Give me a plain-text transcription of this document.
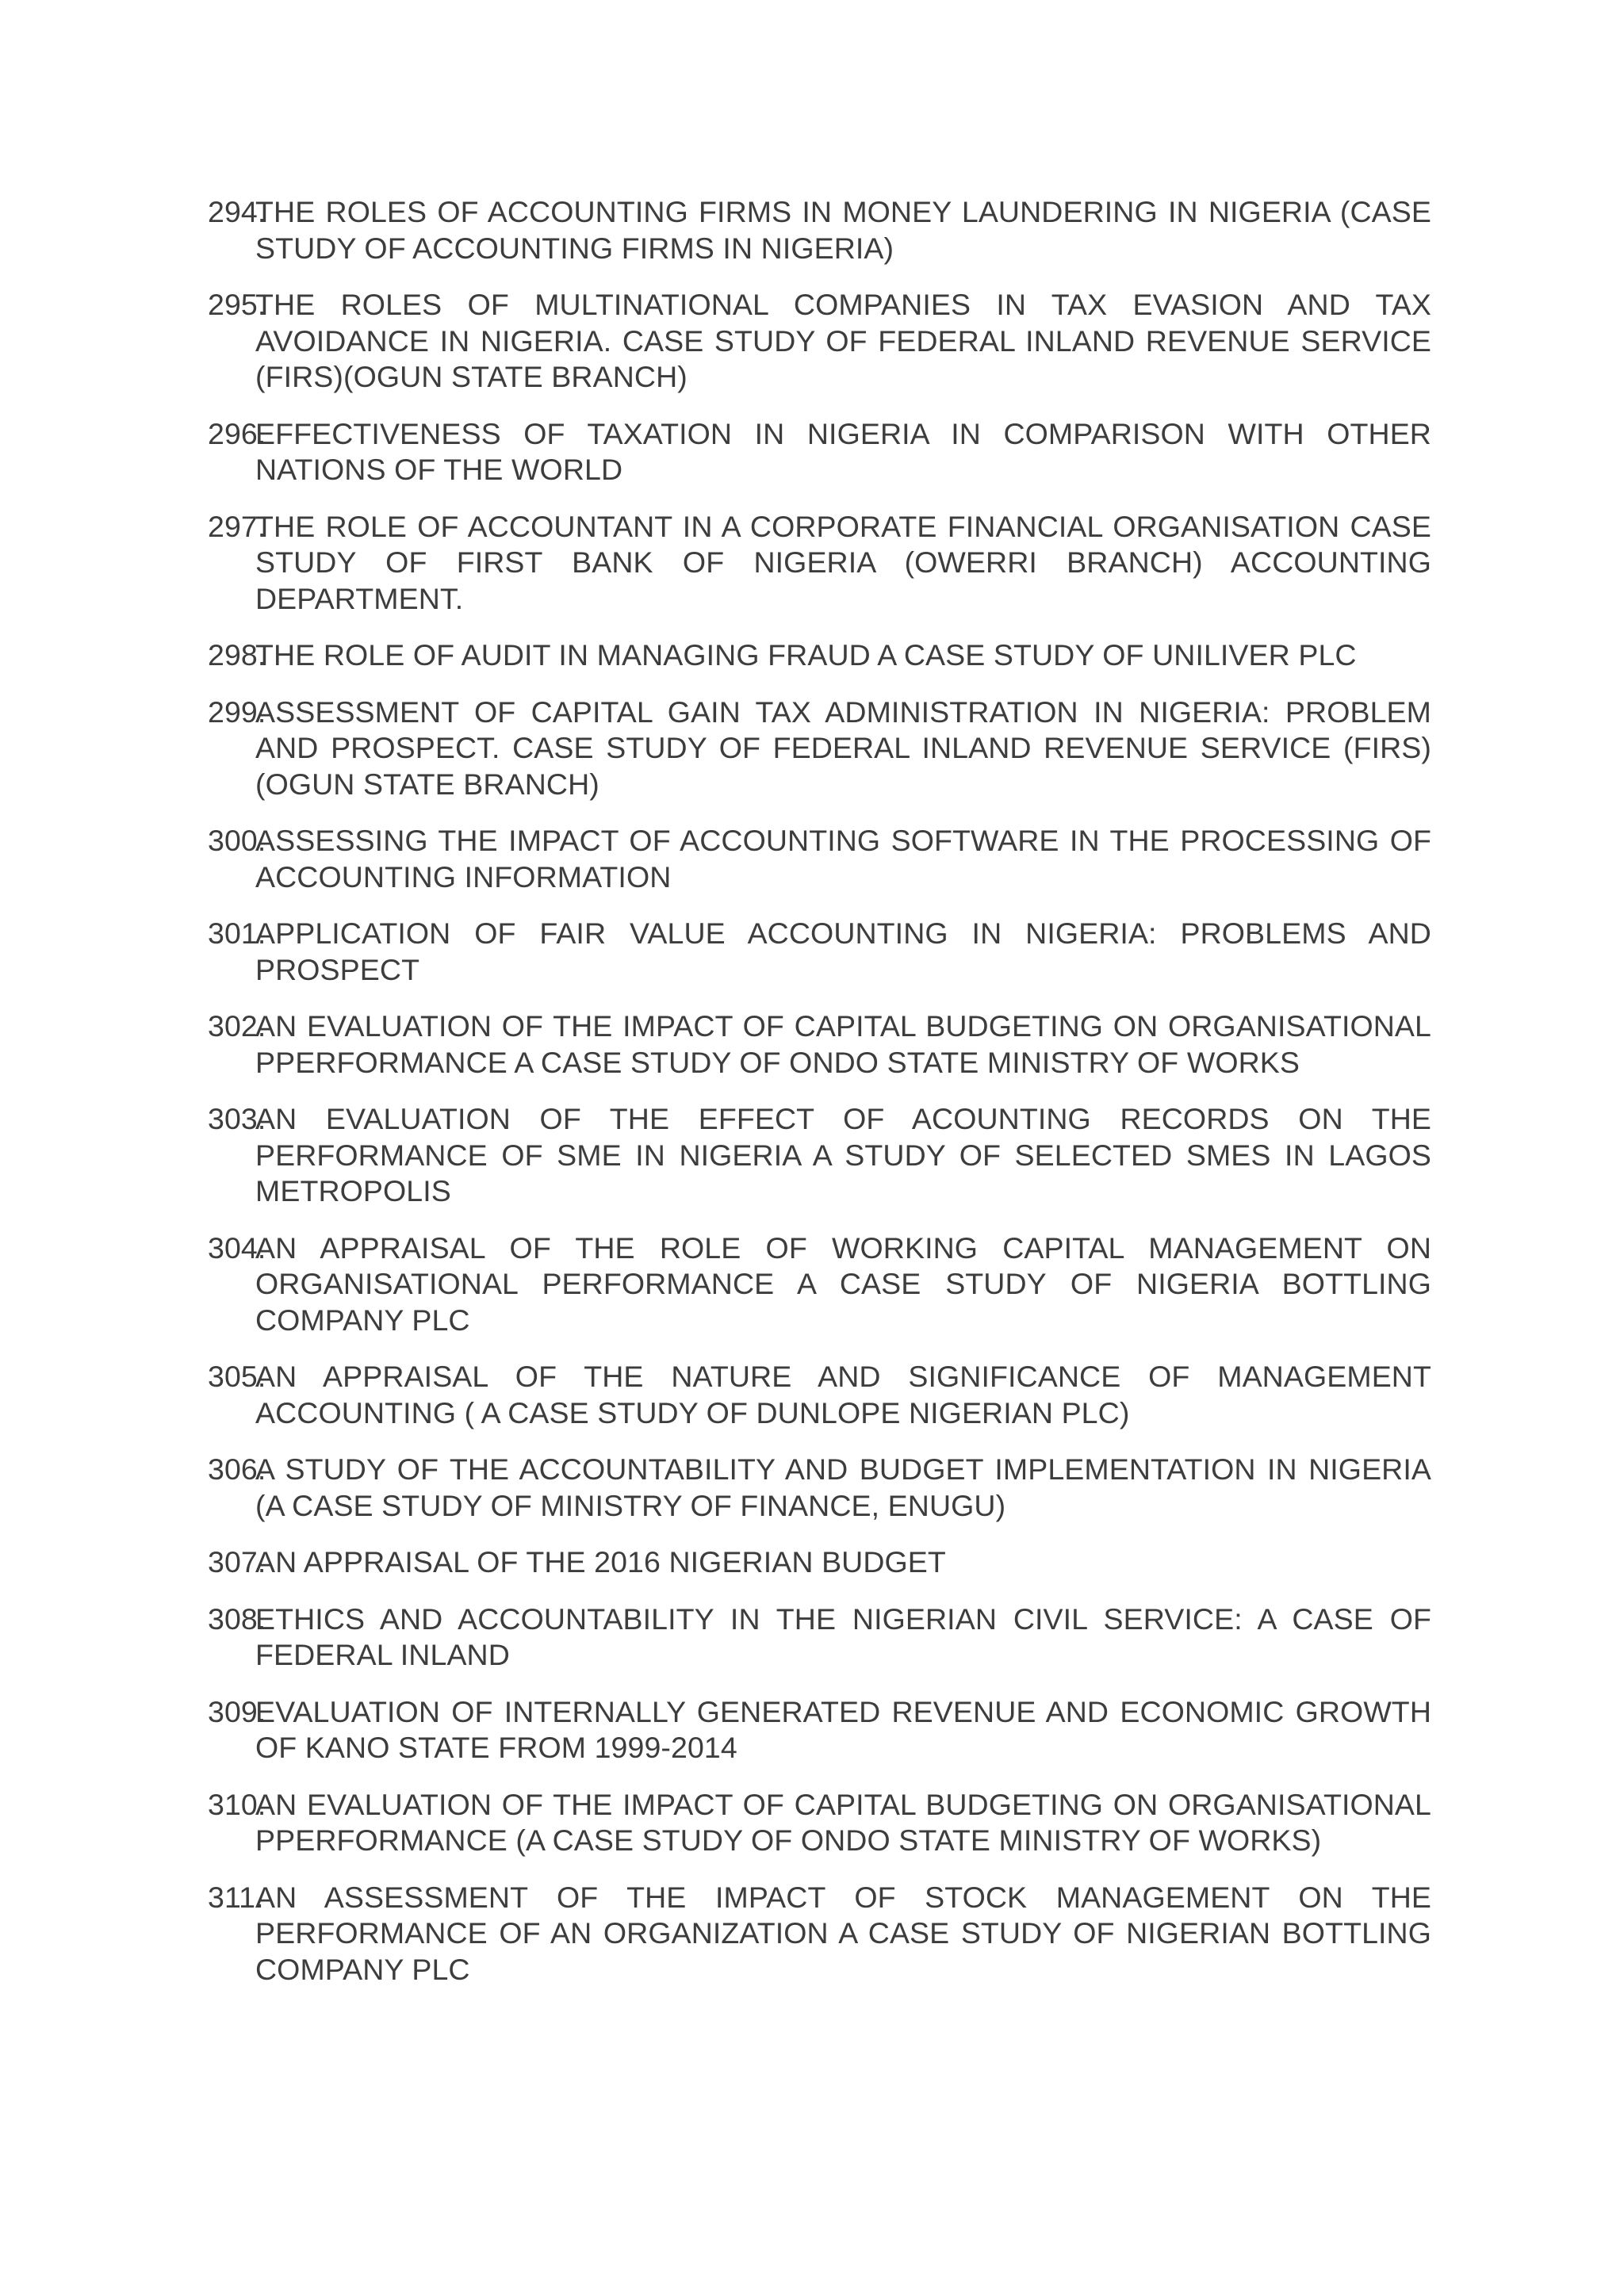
294.
THE ROLES OF ACCOUNTING FIRMS IN MONEY LAUNDERING IN NIGERIA (CASE STUDY OF ACCOUNTING FIRMS IN NIGERIA)
295.
THE ROLES OF MULTINATIONAL COMPANIES IN TAX EVASION AND TAX AVOIDANCE IN NIGERIA. CASE STUDY OF FEDERAL INLAND REVENUE SERVICE (FIRS)(OGUN STATE BRANCH)
296.
EFFECTIVENESS OF TAXATION IN NIGERIA IN COMPARISON WITH OTHER NATIONS OF THE WORLD
297.
THE ROLE OF ACCOUNTANT IN A CORPORATE FINANCIAL ORGANISATION CASE STUDY OF FIRST BANK OF NIGERIA (OWERRI BRANCH) ACCOUNTING DEPARTMENT.
298.
THE ROLE OF AUDIT IN MANAGING FRAUD A CASE STUDY OF UNILIVER PLC
299.
ASSESSMENT OF CAPITAL GAIN TAX ADMINISTRATION IN NIGERIA: PROBLEM AND PROSPECT. CASE STUDY OF FEDERAL INLAND REVENUE SERVICE (FIRS)(OGUN STATE BRANCH)
300.
ASSESSING THE IMPACT OF ACCOUNTING SOFTWARE IN THE PROCESSING OF ACCOUNTING INFORMATION
301.
APPLICATION OF FAIR VALUE ACCOUNTING IN NIGERIA: PROBLEMS AND PROSPECT
302.
AN EVALUATION OF THE IMPACT OF CAPITAL BUDGETING ON ORGANISATIONAL PPERFORMANCE A CASE STUDY OF ONDO STATE MINISTRY OF WORKS
303.
AN EVALUATION OF THE EFFECT OF ACOUNTING RECORDS ON THE PERFORMANCE OF SME IN NIGERIA A STUDY OF SELECTED SMES IN LAGOS METROPOLIS
304.
AN APPRAISAL OF THE ROLE OF WORKING CAPITAL MANAGEMENT ON ORGANISATIONAL PERFORMANCE A CASE STUDY OF NIGERIA BOTTLING COMPANY PLC
305.
AN APPRAISAL OF THE NATURE AND SIGNIFICANCE OF MANAGEMENT ACCOUNTING ( A CASE STUDY OF DUNLOPE NIGERIAN PLC)
306.
A STUDY OF THE ACCOUNTABILITY AND BUDGET IMPLEMENTATION IN NIGERIA (A CASE STUDY OF MINISTRY OF FINANCE, ENUGU)
307.
AN APPRAISAL OF THE 2016 NIGERIAN BUDGET
308.
ETHICS AND ACCOUNTABILITY IN THE NIGERIAN CIVIL SERVICE: A CASE OF FEDERAL INLAND
309.
EVALUATION OF INTERNALLY GENERATED REVENUE AND ECONOMIC GROWTH OF KANO STATE FROM 1999-2014
310.
AN EVALUATION OF THE IMPACT OF CAPITAL BUDGETING ON ORGANISATIONAL PPERFORMANCE (A CASE STUDY OF ONDO STATE MINISTRY OF WORKS)
311.
AN ASSESSMENT OF THE IMPACT OF STOCK MANAGEMENT ON THE PERFORMANCE OF AN ORGANIZATION A CASE STUDY OF NIGERIAN BOTTLING COMPANY PLC
